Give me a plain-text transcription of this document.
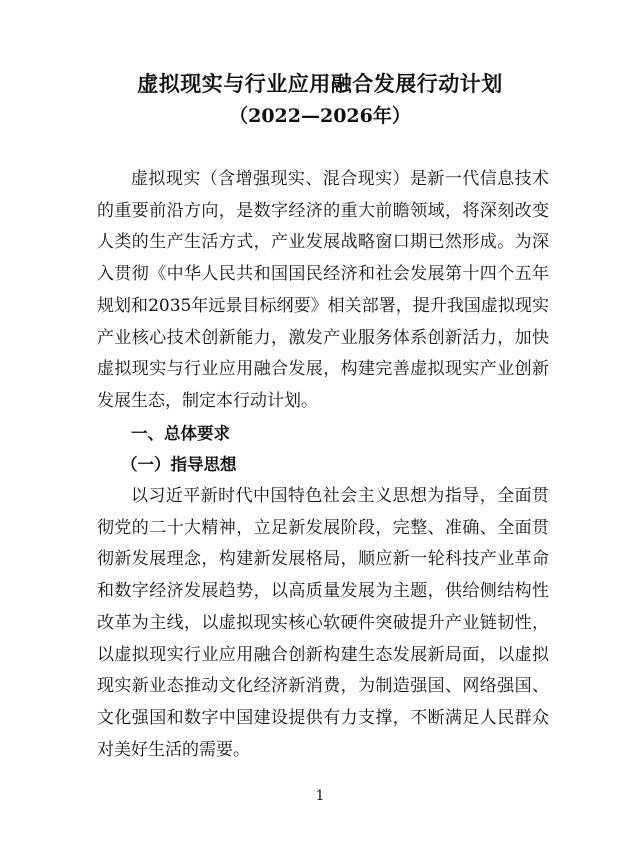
虚拟现实与行业应用融合发展行动计划
（2022—2026年）

虚拟现实（含增强现实、混合现实）是新一代信息技术的重要前沿方向，是数字经济的重大前瞻领域，将深刻改变人类的生产生活方式，产业发展战略窗口期已然形成。为深入贯彻《中华人民共和国国民经济和社会发展第十四个五年规划和2035年远景目标纲要》相关部署，提升我国虚拟现实产业核心技术创新能力，激发产业服务体系创新活力，加快虚拟现实与行业应用融合发展，构建完善虚拟现实产业创新发展生态，制定本行动计划。

一、总体要求

（一）指导思想

以习近平新时代中国特色社会主义思想为指导，全面贯彻党的二十大精神，立足新发展阶段，完整、准确、全面贯彻新发展理念，构建新发展格局，顺应新一轮科技产业革命和数字经济发展趋势，以高质量发展为主题，供给侧结构性改革为主线，以虚拟现实核心软硬件突破提升产业链韧性，以虚拟现实行业应用融合创新构建生态发展新局面，以虚拟现实新业态推动文化经济新消费，为制造强国、网络强国、文化强国和数字中国建设提供有力支撑，不断满足人民群众对美好生活的需要。

1
